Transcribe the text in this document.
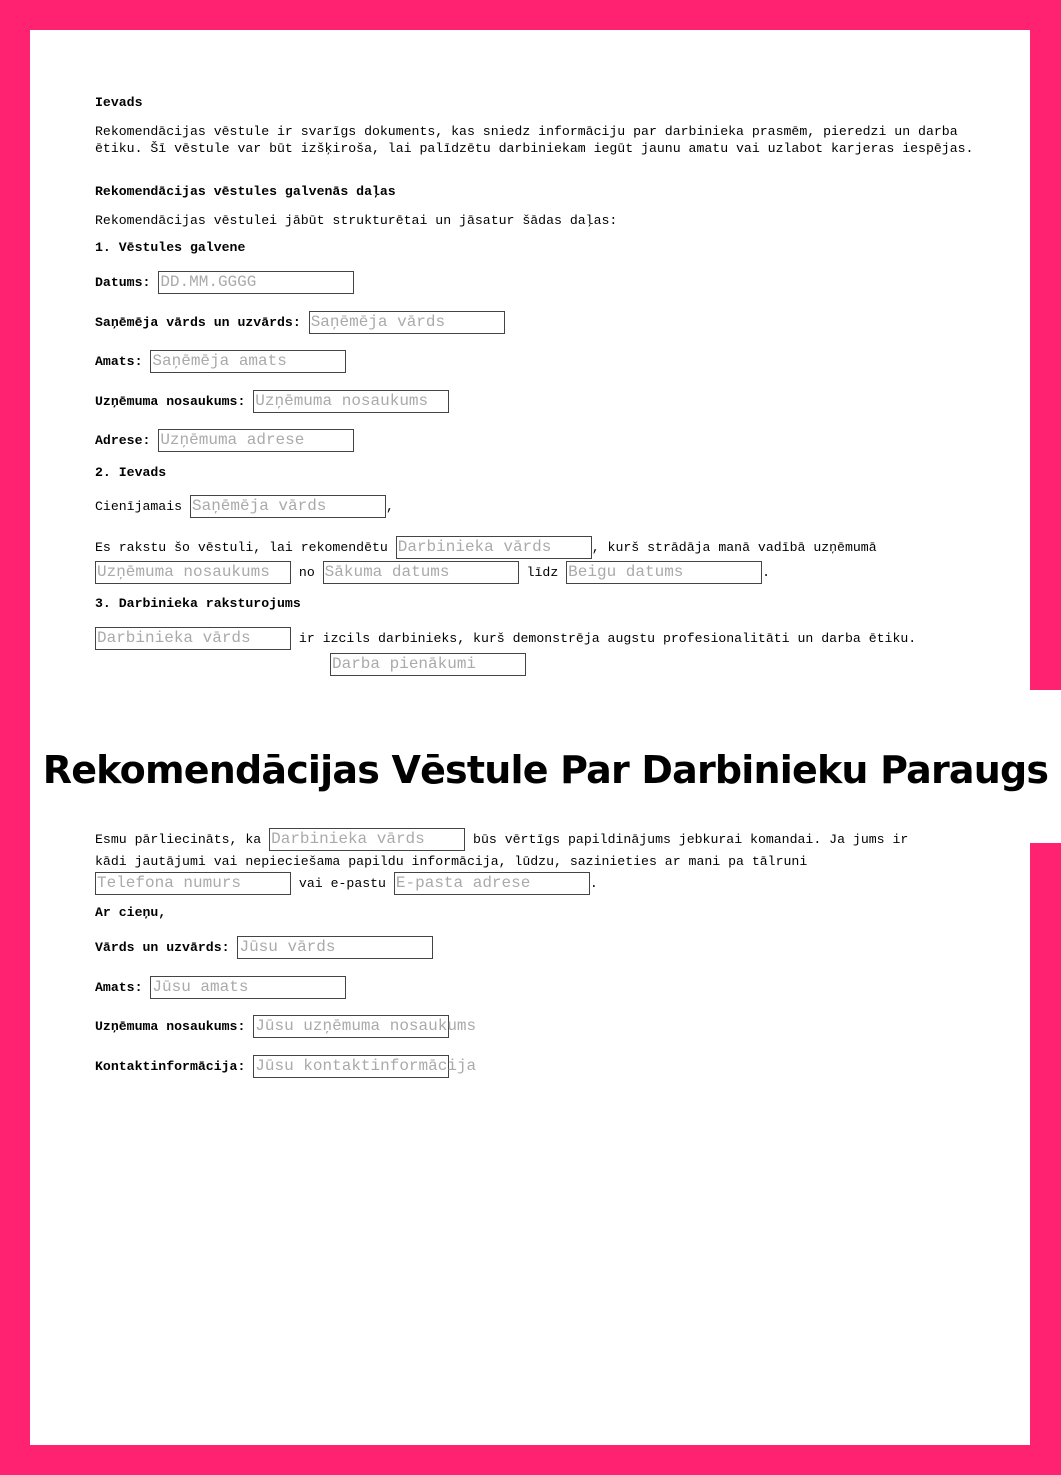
Ievads
Rekomendācijas vēstule ir svarīgs dokuments, kas sniedz informāciju par darbinieka prasmēm, pieredzi un darba ētiku. Šī vēstule var būt izšķiroša, lai palīdzētu darbiniekam iegūt jaunu amatu vai uzlabot karjeras iespējas.
Rekomendācijas vēstules galvenās daļas
Rekomendācijas vēstulei jābūt strukturētai un jāsatur šādas daļas:
1. Vēstules galvene
Datums: DD.MM.GGGG
Saņēmēja vārds un uzvārds: Saņēmēja vārds
Amats: Saņēmēja amats
Uzņēmuma nosaukums: Uzņēmuma nosaukums
Adrese: Uzņēmuma adrese
2. Ievads
Cienījamais Saņēmēja vārds	,
Es rakstu šo vēstuli, lai rekomendētu Darbinieka vārds	, kurš strādāja manā vadībā uzņēmumā
Uzņēmuma nosaukums no Sākuma datums	līdz Beigu datums	.
3. Darbinieka raksturojums
Darbinieka vārds	ir izcils darbinieks, kurš demonstrēja augstu profesionalitāti un darba ētiku.
Darba pienākumi
Rekomendācijas Vēstule Par Darbinieku Paraugs
Esmu pārliecināts, ka Darbinieka vārds	būs vērtīgs papildinājums jebkurai komandai. Ja jums ir kādi jautājumi vai nepieciešama papildu informācija, lūdzu, sazinieties ar mani pa tālruni Telefona numurs	vai e-pastu E-pasta adrese	.
Ar cieņu,
Vārds un uzvārds: Jūsu vārds
Amats: Jūsu amats
Uzņēmuma nosaukums: Jūsu uzņēmuma nosaukums
Kontaktinformācija: Jūsu kontaktinformācija
